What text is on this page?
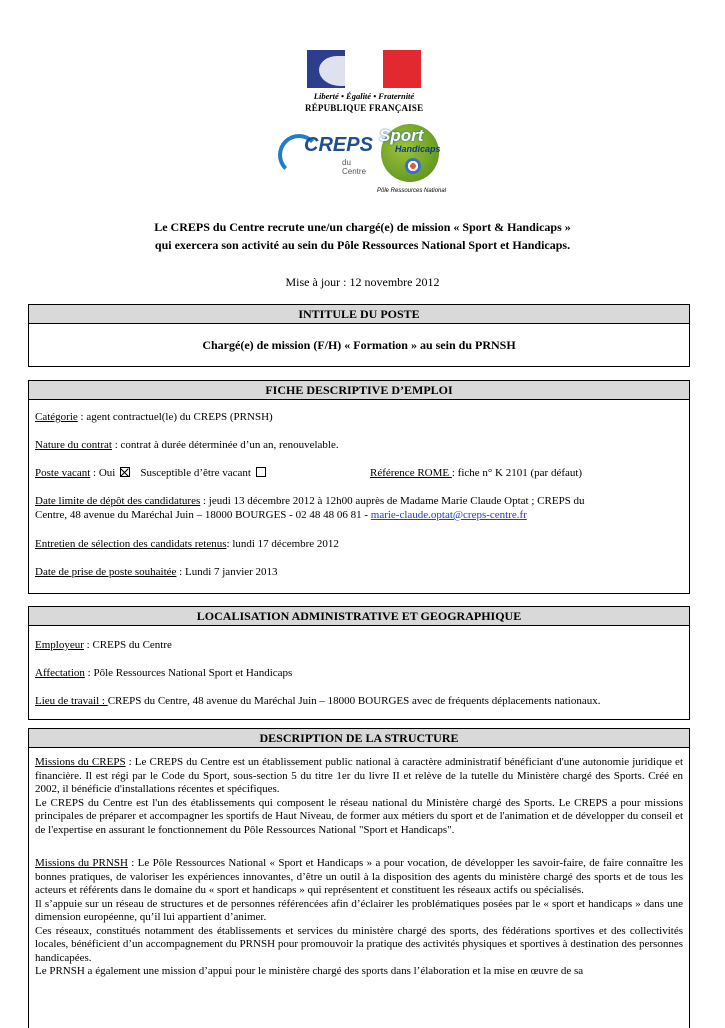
Liberté • Égalité • Fraternité
RÉPUBLIQUE FRANÇAISE
CREPS
du Centre
Sport
Handicaps
Pôle Ressources National
Le CREPS du Centre recrute une/un chargé(e) de mission « Sport & Handicaps »
qui exercera son activité au sein du Pôle Ressources National Sport et Handicaps.
Mise à jour : 12 novembre 2012
INTITULE DU POSTE
Chargé(e) de mission (F/H) « Formation » au sein du PRNSH
FICHE DESCRIPTIVE D’EMPLOI
Catégorie : agent contractuel(le) du CREPS (PRNSH)
Nature du contrat : contrat à durée déterminée d’un an, renouvelable.
Poste vacant : Oui Susceptible d’être vacant	Référence ROME : fiche n° K 2101 (par défaut)
Date limite de dépôt des candidatures : jeudi 13 décembre 2012 à 12h00 auprès de Madame Marie Claude Optat ; CREPS du
Centre, 48 avenue du Maréchal Juin – 18000 BOURGES - 02 48 48 06 81 - marie-claude.optat@creps-centre.fr
Entretien de sélection des candidats retenus: lundi 17 décembre 2012
Date de prise de poste souhaitée : Lundi 7 janvier 2013
LOCALISATION ADMINISTRATIVE ET GEOGRAPHIQUE
Employeur : CREPS du Centre
Affectation : Pôle Ressources National Sport et Handicaps
Lieu de travail : CREPS du Centre, 48 avenue du Maréchal Juin – 18000 BOURGES avec de fréquents déplacements nationaux.
DESCRIPTION DE LA STRUCTURE
Missions du CREPS : Le CREPS du Centre est un établissement public national à caractère administratif bénéficiant d'une autonomie juridique et financière. Il est régi par le Code du Sport, sous-section 5 du titre 1er du livre II et relève de la tutelle du Ministère chargé des Sports. Créé en 2002, il bénéficie d'installations récentes et spécifiques.
Le CREPS du Centre est l'un des établissements qui composent le réseau national du Ministère chargé des Sports. Le CREPS a pour missions principales de préparer et accompagner les sportifs de Haut Niveau, de former aux métiers du sport et de l'animation et de développer du conseil et de l'expertise en assurant le fonctionnement du Pôle Ressources National "Sport et Handicaps".
Missions du PRNSH : Le Pôle Ressources National « Sport et Handicaps » a pour vocation, de développer les savoir-faire, de faire connaître les bonnes pratiques, de valoriser les expériences innovantes, d’être un outil à la disposition des agents du ministère chargé des sports et de tous les acteurs et référents dans le domaine du « sport et handicaps » qui représentent et constituent les réseaux actifs ou spécialisés.
Il s’appuie sur un réseau de structures et de personnes référencées afin d’éclairer les problématiques posées par le « sport et handicaps » dans une dimension européenne, qu’il lui appartient d’animer.
Ces réseaux, constitués notamment des établissements et services du ministère chargé des sports, des fédérations sportives et des collectivités locales, bénéficient d’un accompagnement du PRNSH pour promouvoir la pratique des activités physiques et sportives à destination des personnes handicapées.
Le PRNSH a également une mission d’appui pour le ministère chargé des sports dans l’élaboration et la mise en œuvre de sa
